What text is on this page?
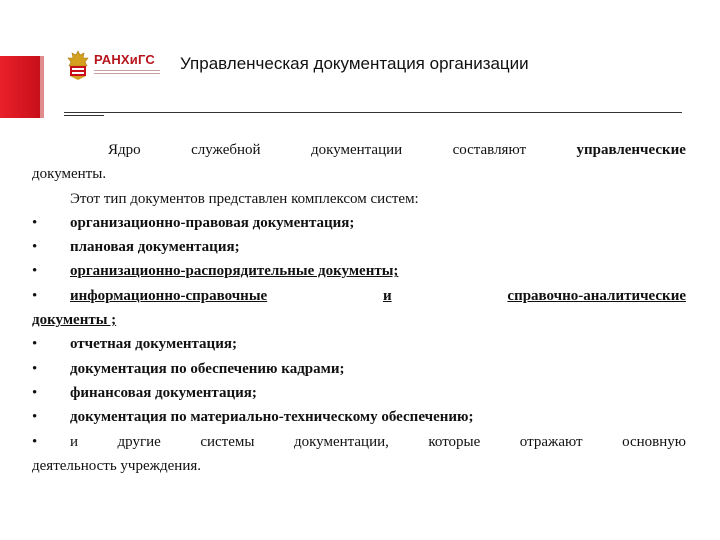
РАНХиГС Управленческая документация организации
Ядро	служебной	документации	составляют	управленческие

документы.

Этот тип документов представлен комплексом систем:

•
организационно-правовая документация;
•
плановая документация;
•
организационно-распорядительные документы;
•
информационно-справочные	и	справочно-аналитические

документы ;

•
отчетная документация;
•
документация по обеспечению кадрами;
•
финансовая документация;
•
документация по материально-техническому обеспечению;
•
и	другие	системы	документации,	которые	отражают	основную

деятельность учреждения.
